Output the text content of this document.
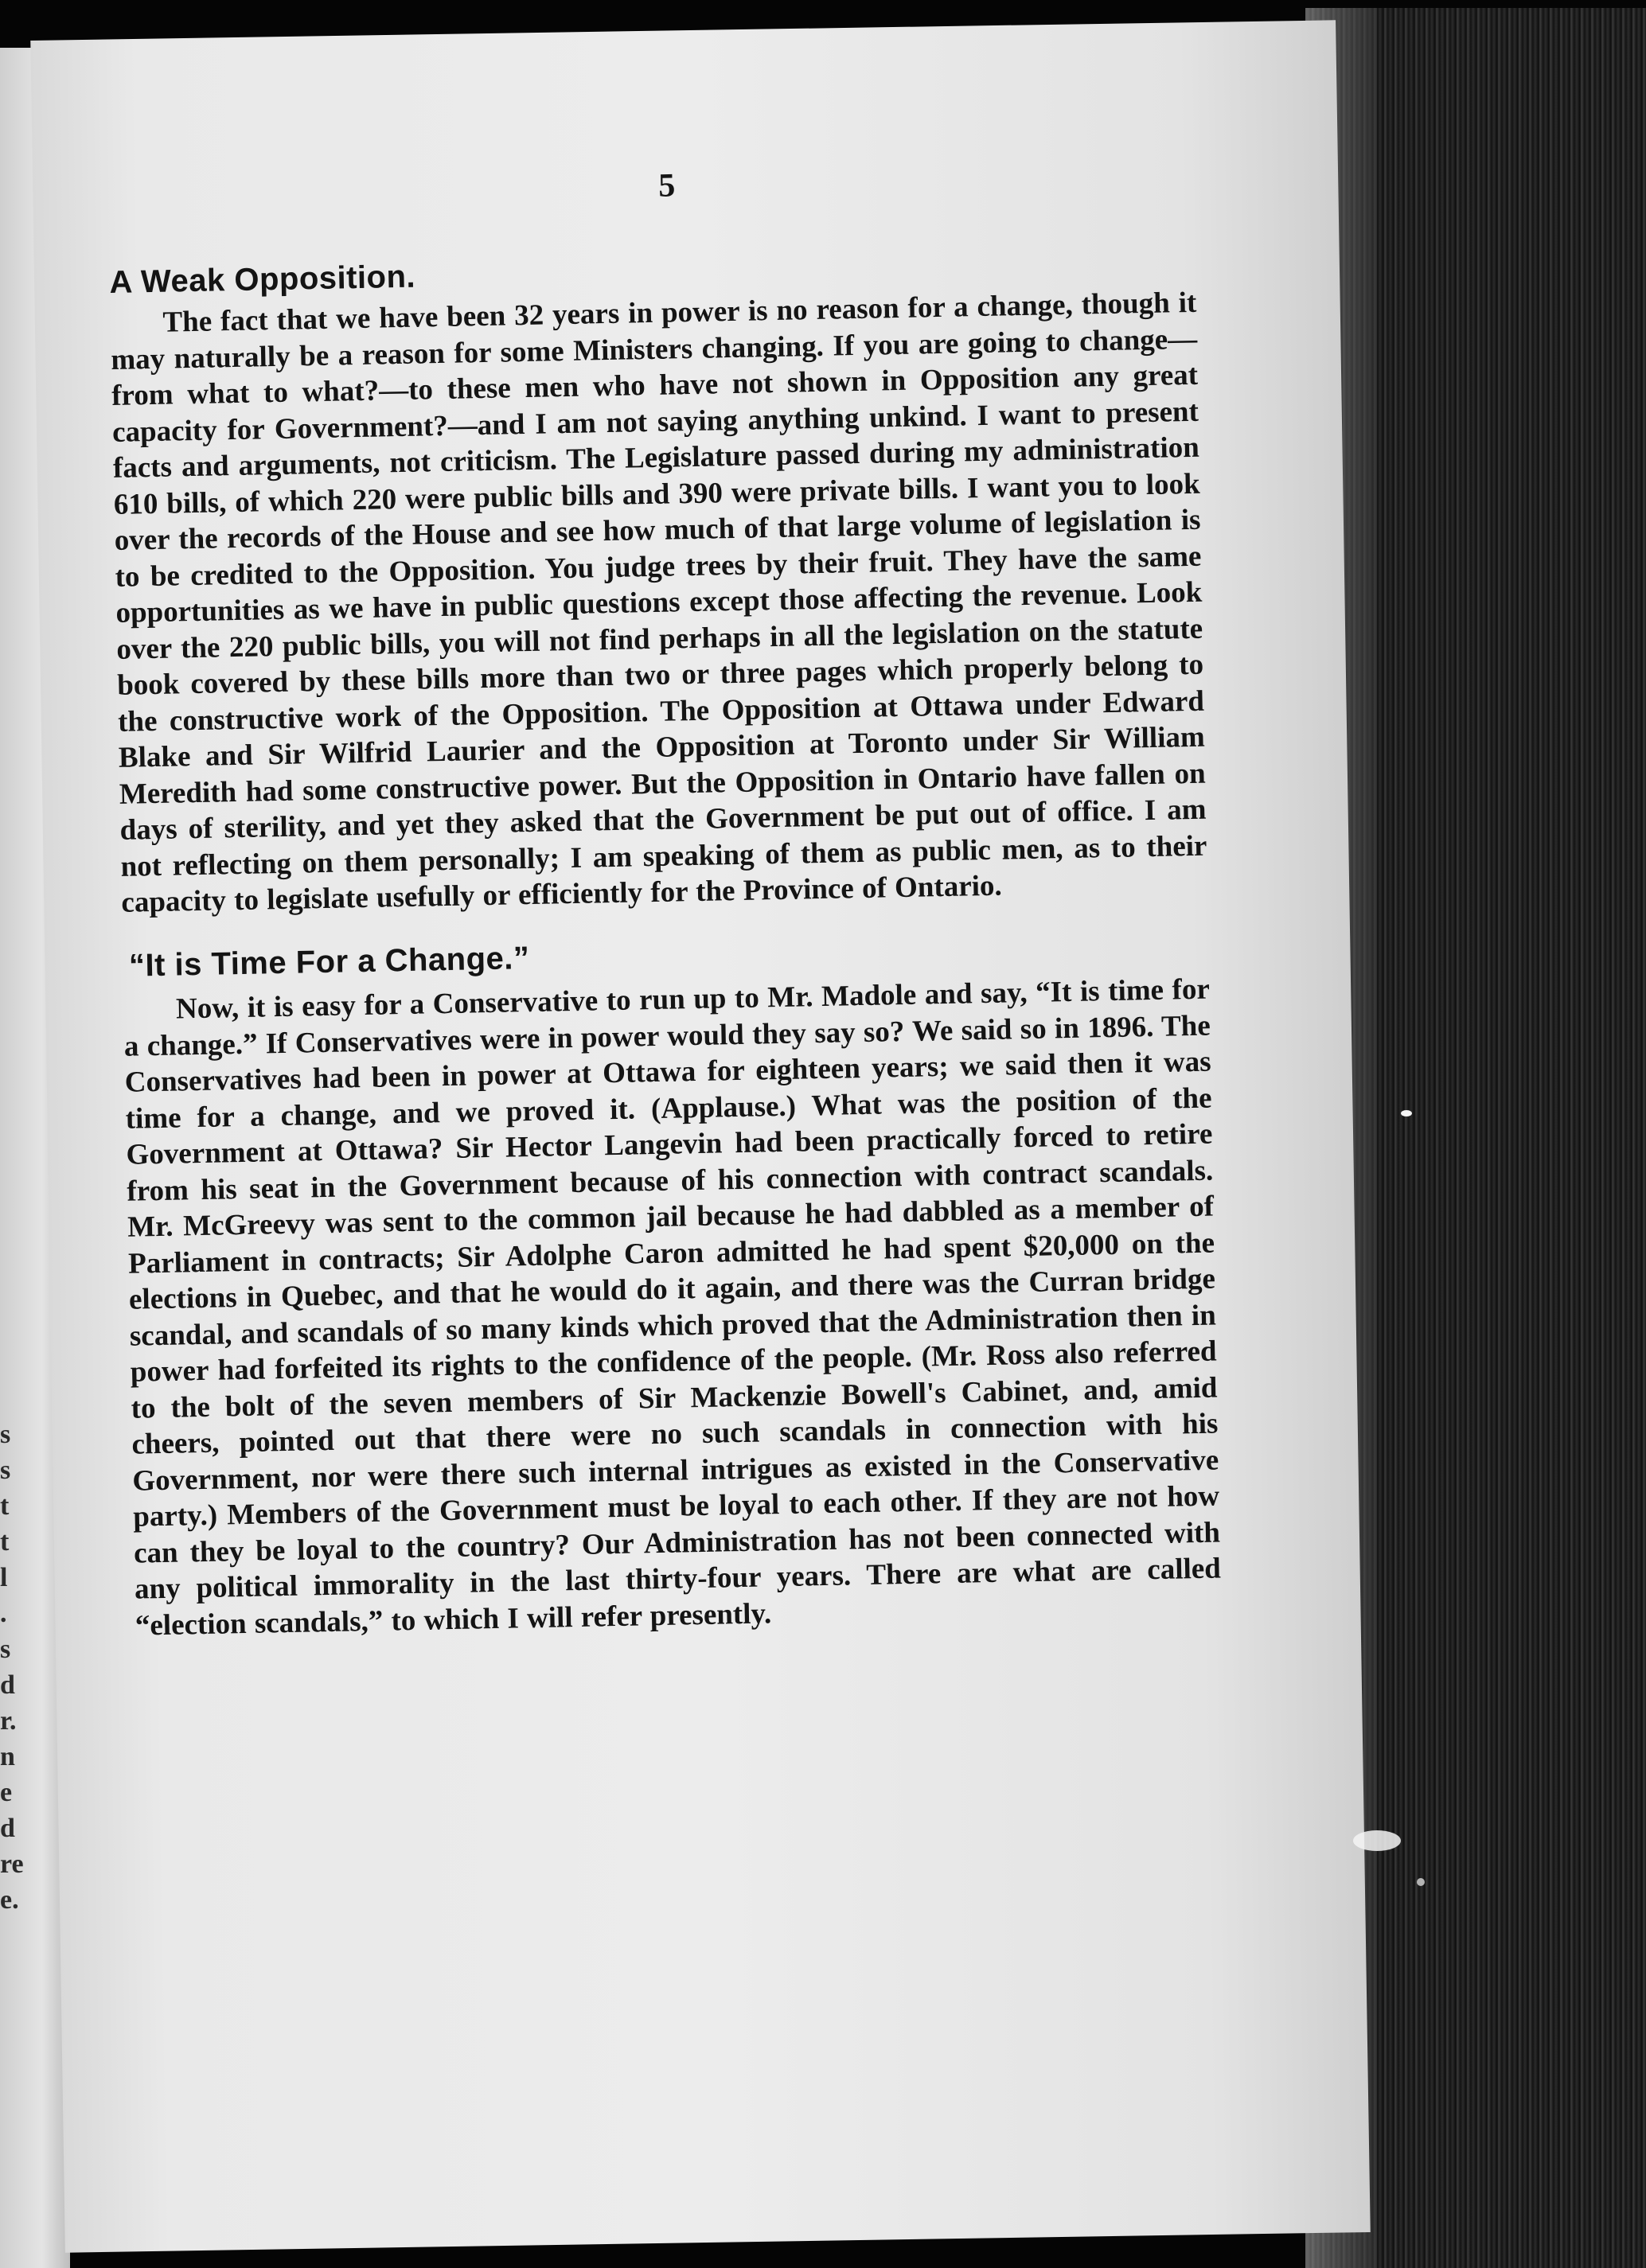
s
s
t
t
l
.
s
d
r.
n
e
d
re
e.
5
A Weak Opposition.

The fact that we have been 32 years in power is no reason for a change, though it may naturally be a reason for some Ministers changing. If you are going to change—from what to what?—to these men who have not shown in Opposition any great capacity for Government?—and I am not saying anything unkind. I want to present facts and arguments, not criticism. The Legislature passed during my administration 610 bills, of which 220 were public bills and 390 were private bills. I want you to look over the records of the House and see how much of that large volume of legislation is to be credited to the Opposition. You judge trees by their fruit. They have the same opportunities as we have in public questions except those affecting the revenue. Look over the 220 public bills, you will not find perhaps in all the legislation on the statute book covered by these bills more than two or three pages which properly belong to the constructive work of the Opposition. The Opposition at Ottawa under Edward Blake and Sir Wilfrid Laurier and the Opposition at Toronto under Sir William Meredith had some constructive power. But the Opposition in Ontario have fallen on days of sterility, and yet they asked that the Government be put out of office. I am not reflecting on them personally; I am speaking of them as public men, as to their capacity to legislate usefully or efficiently for the Province of Ontario.

“It is Time For a Change.”

Now, it is easy for a Conservative to run up to Mr. Madole and say, “It is time for a change.” If Conservatives were in power would they say so? We said so in 1896. The Conservatives had been in power at Ottawa for eighteen years; we said then it was time for a change, and we proved it. (Applause.) What was the position of the Government at Ottawa? Sir Hector Langevin had been practically forced to retire from his seat in the Government because of his connection with contract scandals. Mr. McGreevy was sent to the common jail because he had dabbled as a member of Parliament in contracts; Sir Adolphe Caron admitted he had spent $20,000 on the elections in Quebec, and that he would do it again, and there was the Curran bridge scandal, and scandals of so many kinds which proved that the Administration then in power had forfeited its rights to the confidence of the people. (Mr. Ross also referred to the bolt of the seven members of Sir Mackenzie Bowell's Cabinet, and, amid cheers, pointed out that there were no such scandals in connection with his Government, nor were there such internal intrigues as existed in the Conservative party.) Members of the Government must be loyal to each other. If they are not how can they be loyal to the country? Our Administration has not been connected with any political immorality in the last thirty-four years. There are what are called “election scandals,” to which I will refer presently.
